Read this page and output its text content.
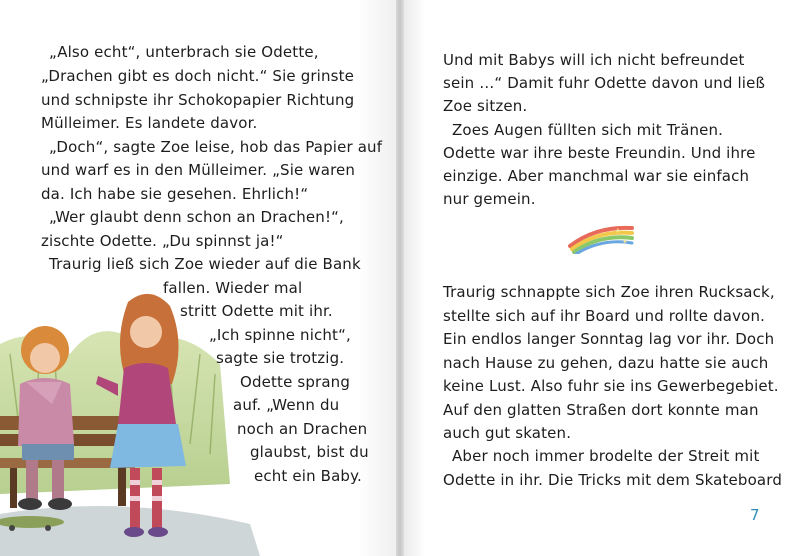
✦
✦
„Also echt“, unterbrach sie Odette,
„Drachen gibt es doch nicht.“ Sie grinste
und schnipste ihr Schokopapier Richtung
Mülleimer. Es landete davor.
„Doch“, sagte Zoe leise, hob das Papier auf
und warf es in den Mülleimer. „Sie waren
da. Ich habe sie gesehen. Ehrlich!“
„Wer glaubt denn schon an Drachen!“,
zischte Odette. „Du spinnst ja!“
Traurig ließ sich Zoe wieder auf die Bank
fallen. Wieder mal
stritt Odette mit ihr.
„Ich spinne nicht“,
sagte sie trotzig.
Odette sprang
auf. „Wenn du
noch an Drachen
glaubst, bist du
echt ein Baby.
Und mit Babys will ich nicht befreundet
sein …“ Damit fuhr Odette davon und ließ
Zoe sitzen.
Zoes Augen füllten sich mit Tränen.
Odette war ihre beste Freundin. Und ihre
einzige. Aber manchmal war sie einfach
nur gemein.
Traurig schnappte sich Zoe ihren Rucksack,
stellte sich auf ihr Board und rollte davon.
Ein endlos langer Sonntag lag vor ihr. Doch
nach Hause zu gehen, dazu hatte sie auch
keine Lust. Also fuhr sie ins Gewerbegebiet.
Auf den glatten Straßen dort konnte man
auch gut skaten.
Aber noch immer brodelte der Streit mit
Odette in ihr. Die Tricks mit dem Skateboard
7
